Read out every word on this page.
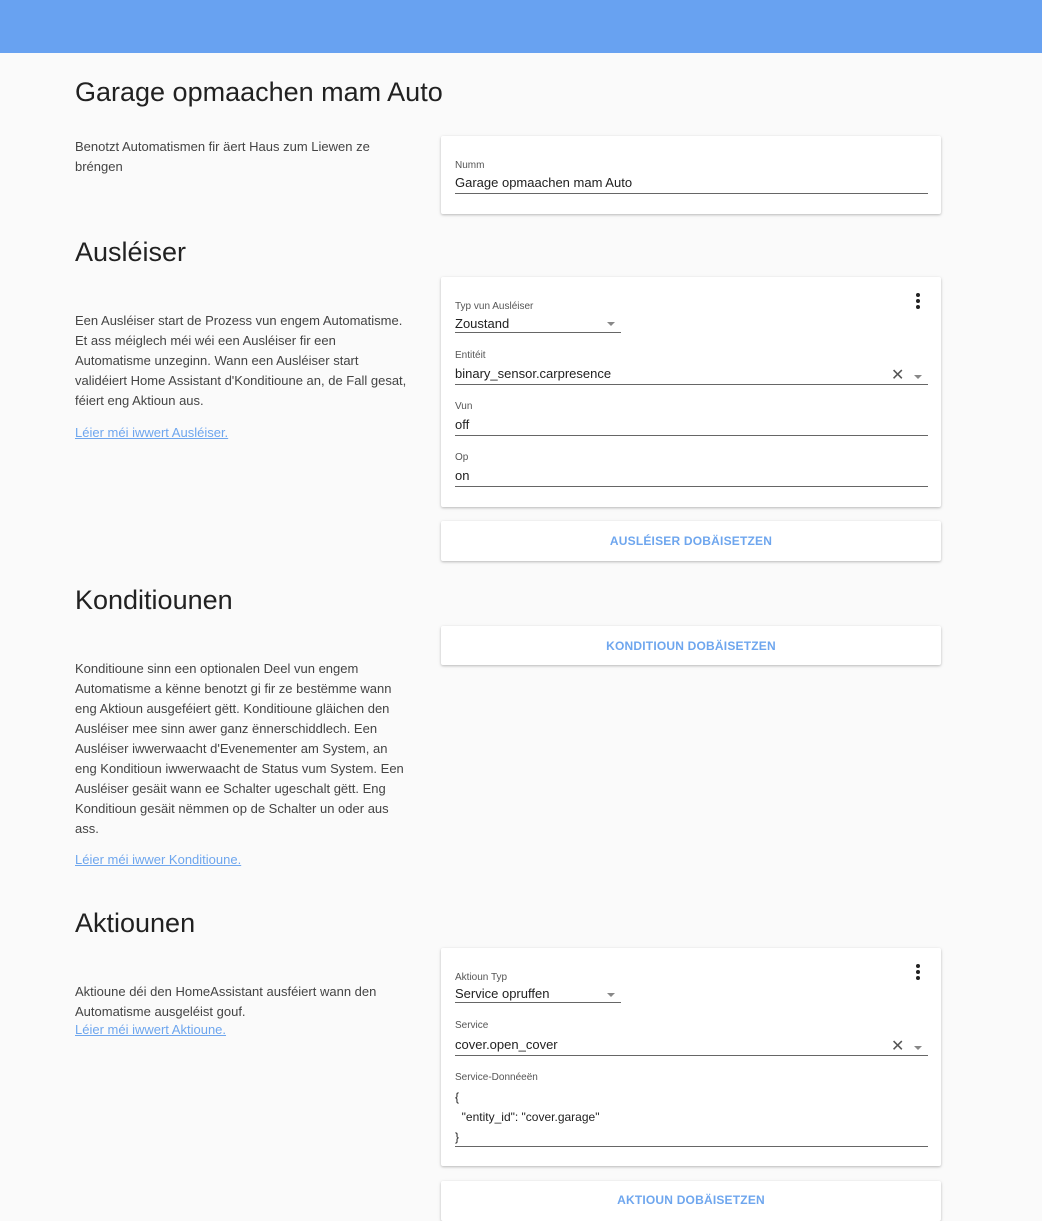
Garage opmaachen mam Auto
Benotzt Automatismen fir äert Haus zum Liewen ze bréngen	Numm
Garage opmaachen mam Auto
Ausléiser
Een Ausléiser start de Prozess vun engem Automatisme. Et ass méiglech méi wéi een Ausléiser fir een Automatisme unzeginn. Wann een Ausléiser start validéiert Home Assistant d'Konditioune an, de Fall gesat, féiert eng Aktioun aus.
Léier méi iwwert Ausléiser.
Typ vun Ausléiser
Zoustand
Entitéit
binary_sensor.carpresence	✕
Vun
off
Op
on
AUSLÉISER DOBÄISETZEN
Konditiounen
Konditioune sinn een optionalen Deel vun engem Automatisme a kënne benotzt gi fir ze bestëmme wann eng Aktioun ausgeféiert gëtt. Konditioune gläichen den Ausléiser mee sinn awer ganz ënnerschiddlech. Een Ausléiser iwwerwaacht d'Evenementer am System, an eng Konditioun iwwerwaacht de Status vum System. Een Ausléiser gesäit wann ee Schalter ugeschalt gëtt. Eng Konditioun gesäit nëmmen op de Schalter un oder aus ass.
Léier méi iwwer Konditioune.
KONDITIOUN DOBÄISETZEN
Aktiounen
Aktioune déi den HomeAssistant ausféiert wann den Automatisme ausgeléist gouf.
Léier méi iwwert Aktioune.
Aktioun Typ
Service opruffen
Service
cover.open_cover	✕
Service-Donnéeën
{
"entity_id": "cover.garage"
}
AKTIOUN DOBÄISETZEN
